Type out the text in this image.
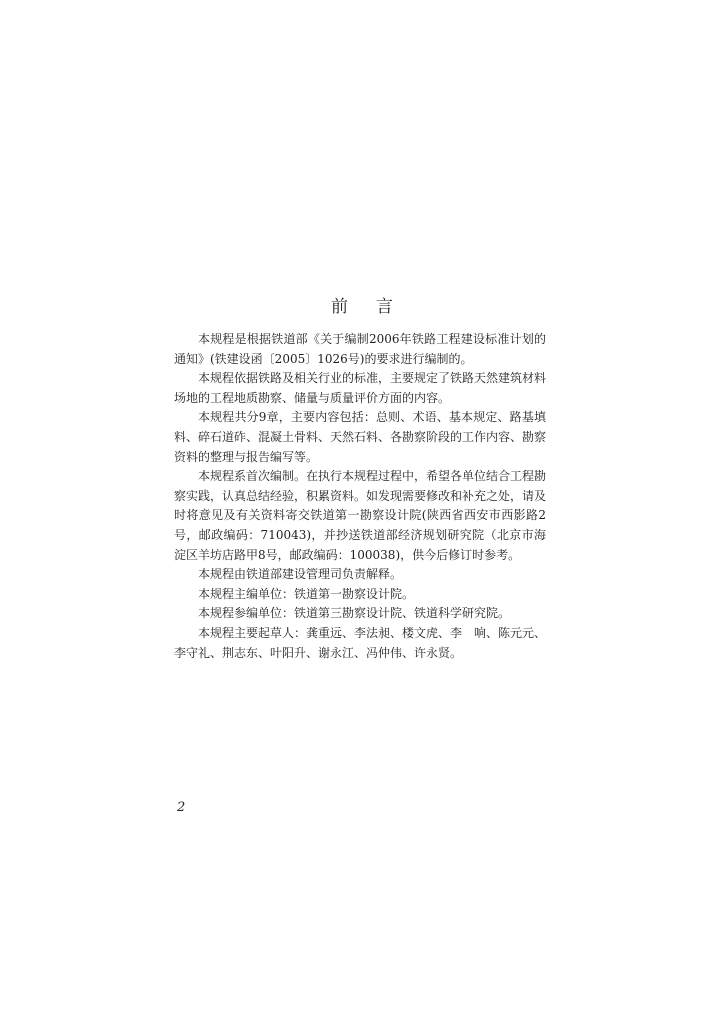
前言

本规程是根据铁道部《关于编制2006年铁路工程建设标准计划的通知》(铁建设函〔2005〕1026号)的要求进行编制的。

本规程依据铁路及相关行业的标准，主要规定了铁路天然建筑材料场地的工程地质勘察、储量与质量评价方面的内容。

本规程共分9章，主要内容包括：总则、术语、基本规定、路基填料、碎石道砟、混凝土骨料、天然石料、各勘察阶段的工作内容、勘察资料的整理与报告编写等。

本规程系首次编制。在执行本规程过程中，希望各单位结合工程勘察实践，认真总结经验，积累资料。如发现需要修改和补充之处，请及时将意见及有关资料寄交铁道第一勘察设计院(陕西省西安市西影路2号，邮政编码：710043)，并抄送铁道部经济规划研究院（北京市海淀区羊坊店路甲8号，邮政编码：100038)，供今后修订时参考。

本规程由铁道部建设管理司负责解释。

本规程主编单位：铁道第一勘察设计院。

本规程参编单位：铁道第三勘察设计院、铁道科学研究院。

本规程主要起草人：龚重远、李法昶、楼文虎、李　响、陈元元、李守礼、荆志东、叶阳升、谢永江、冯仲伟、许永贤。

2
